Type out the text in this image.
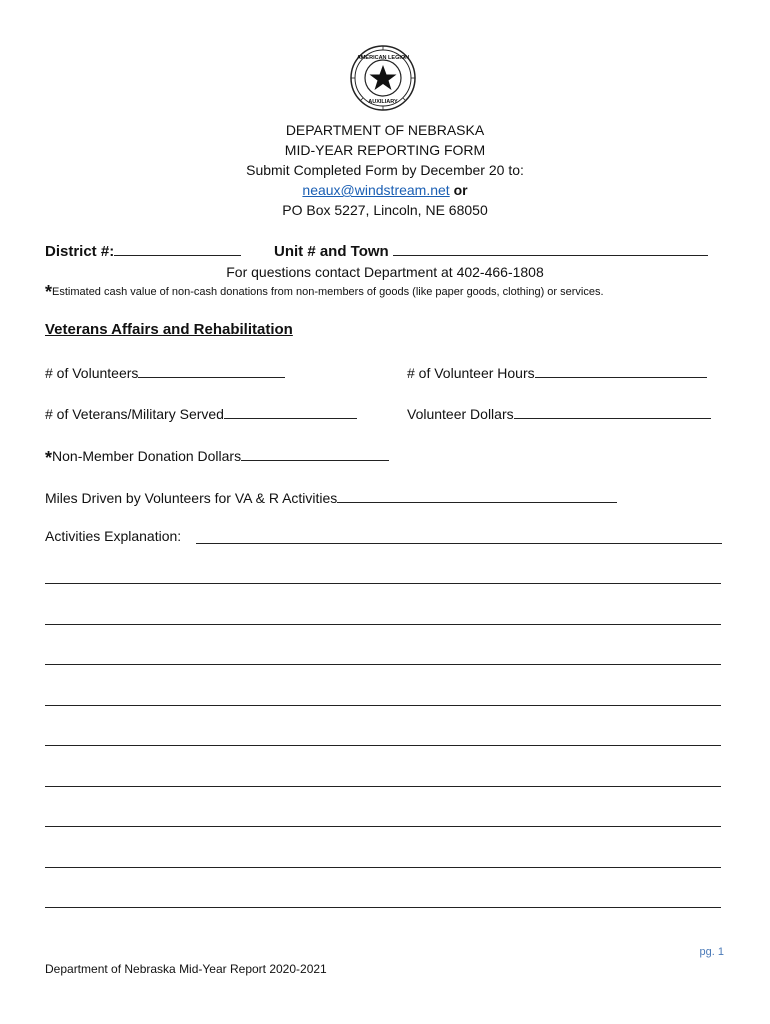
AMERICAN LEGION
AUXILIARY
DEPARTMENT OF NEBRASKA
MID-YEAR REPORTING FORM
Submit Completed Form by December 20 to:
neaux@windstream.net or
PO Box 5227, Lincoln, NE 68050
District #:	Unit # and Town
For questions contact Department at 402-466-1808
*Estimated cash value of non-cash donations from non-members of goods (like paper goods, clothing) or services.
Veterans Affairs and Rehabilitation
# of Volunteers	# of Volunteer Hours
# of Veterans/Military Served	Volunteer Dollars
*Non-Member Donation Dollars
Miles Driven by Volunteers for VA & R Activities
Activities Explanation:
pg. 1
Department of Nebraska Mid-Year Report 2020-2021
